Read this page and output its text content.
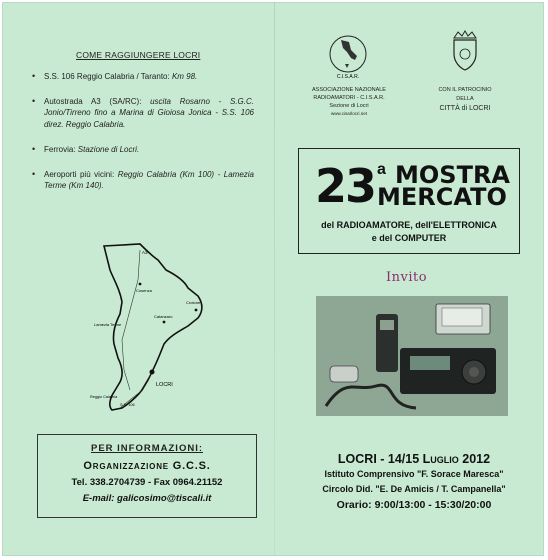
COME RAGGIUNGERE LOCRI
• S.S. 106 Reggio Calabria / Taranto: Km 98.
• Autostrada A3 (SA/RC): uscita Rosarno - S.G.C. Jonio/Tirreno fino a Marina di Gioiosa Jonica - S.S. 106 direz. Reggio Calabria.
• Ferrovia: Stazione di Locri.
• Aeroporti più vicini: Reggio Calabria (Km 100) - Lamezia Terme (Km 140).
A3
Cosenza
Crotone
Catanzaro
Lamezia Terme
LOCRI
Reggio Calabria
S.S. 106
PER INFORMAZIONI:
Organizzazione G.C.S.
Tel. 338.2704739 - Fax 0964.21152
E-mail: galicosimo@tiscali.it
C.I.S.A.R.
ASSOCIAZIONE NAZIONALE
RADIOAMATORI - C.I.S.A.R.
Sezione di Locri
www.cisarlocri.net
CON IL PATROCINIO
DELLA
CITTÀ di LOCRI
23 a MOSTRA
MERCATO
del RADIOAMATORE, dell'ELETTRONICA
e del COMPUTER
Invito
LOCRI - 14/15 Luglio 2012
Istituto Comprensivo "F. Sorace Maresca"
Circolo Did. "E. De Amicis / T. Campanella"
Orario: 9:00/13:00 - 15:30/20:00
